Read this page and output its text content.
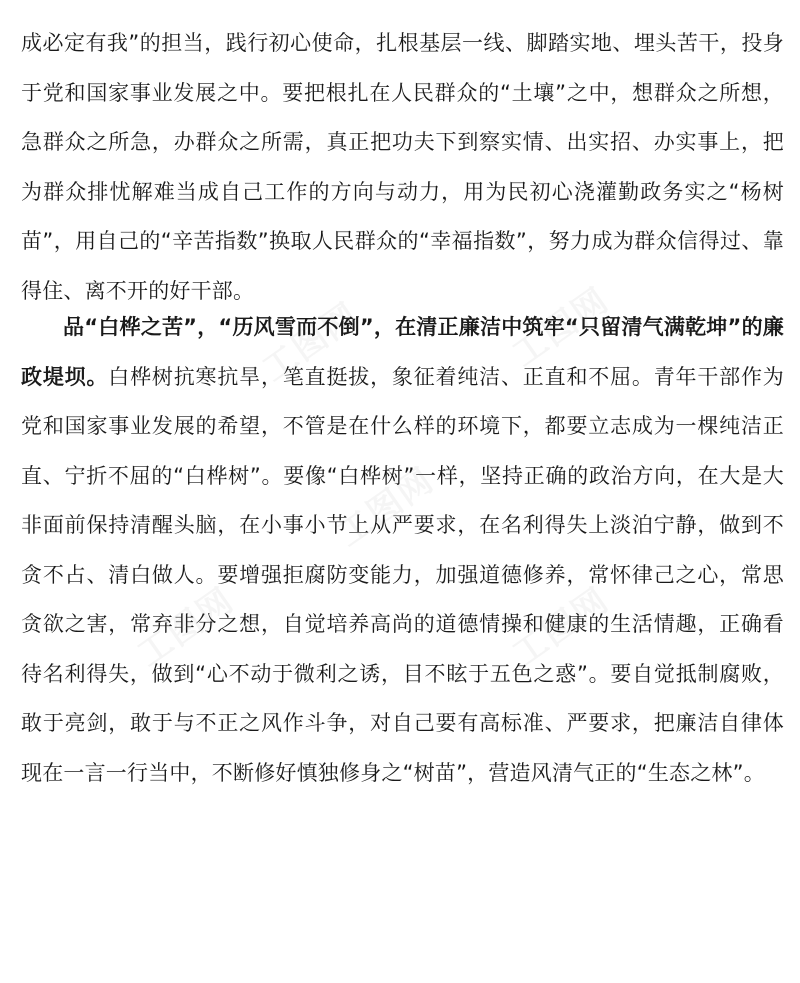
成必定有我”的担当，践行初心使命，扎根基层一线、脚踏实地、埋头苦干，投身于党和国家事业发展之中。要把根扎在人民群众的“土壤”之中，想群众之所想，急群众之所急，办群众之所需，真正把功夫下到察实情、出实招、办实事上，把为群众排忧解难当成自己工作的方向与动力，用为民初心浇灌勤政务实之“杨树苗”，用自己的“辛苦指数”换取人民群众的“幸福指数”，努力成为群众信得过、靠得住、离不开的好干部。

品“白桦之苦”，“历风雪而不倒”，在清正廉洁中筑牢“只留清气满乾坤”的廉政堤坝。白桦树抗寒抗旱，笔直挺拔，象征着纯洁、正直和不屈。青年干部作为党和国家事业发展的希望，不管是在什么样的环境下，都要立志成为一棵纯洁正直、宁折不屈的“白桦树”。要像“白桦树”一样，坚持正确的政治方向，在大是大非面前保持清醒头脑，在小事小节上从严要求，在名利得失上淡泊宁静，做到不贪不占、清白做人。要增强拒腐防变能力，加强道德修养，常怀律己之心，常思贪欲之害，常弃非分之想，自觉培养高尚的道德情操和健康的生活情趣，正确看待名利得失，做到“心不动于微利之诱，目不眩于五色之惑”。要自觉抵制腐败，敢于亮剑，敢于与不正之风作斗争，对自己要有高标准、严要求，把廉洁自律体现在一言一行当中，不断修好慎独修身之“树苗”，营造风清气正的“生态之林”。

工图网	工图网
工图网
工图网
工图网
